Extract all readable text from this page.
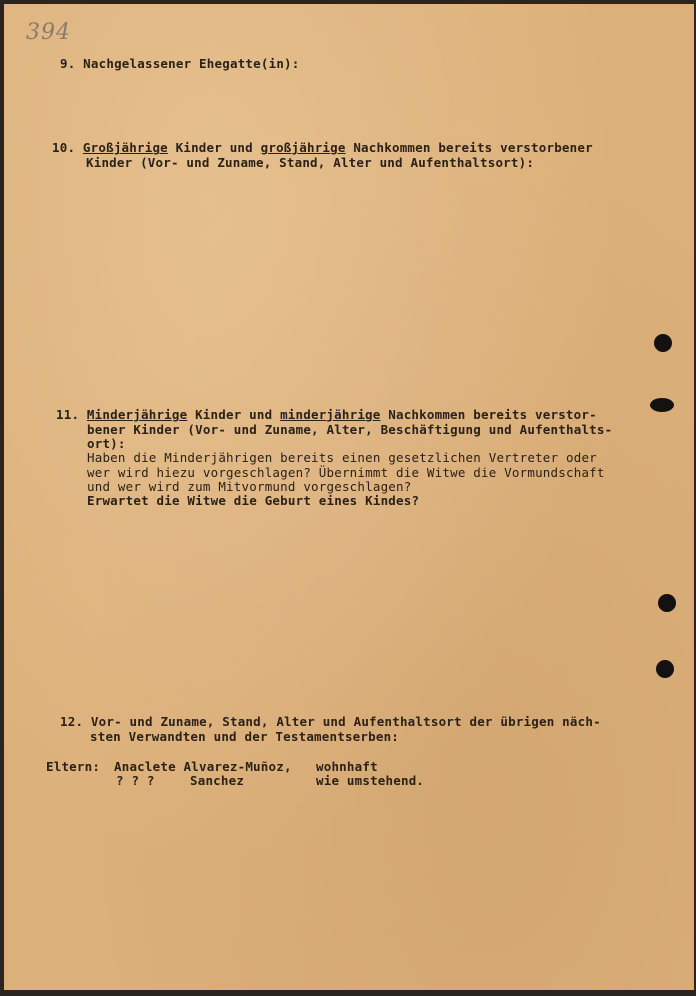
394
9. Nachgelassener Ehegatte(in):
10. Großjährige Kinder und großjährige Nachkommen bereits verstorbener
Kinder (Vor- und Zuname, Stand, Alter und Aufenthaltsort):
11. Minderjährige Kinder und minderjährige Nachkommen bereits verstor-
bener Kinder (Vor- und Zuname, Alter, Beschäftigung und Aufenthalts-
ort):
Haben die Minderjährigen bereits einen gesetzlichen Vertreter oder
wer wird hiezu vorgeschlagen? Übernimmt die Witwe die Vormundschaft
und wer wird zum Mitvormund vorgeschlagen?
Erwartet die Witwe die Geburt eines Kindes?
12. Vor- und Zuname, Stand, Alter und Aufenthaltsort der übrigen näch-
sten Verwandten und der Testamentserben:
Eltern: Anaclete Alvarez-Muñoz, wohnhaft
? ? ?	Sanchez	wie umstehend.
